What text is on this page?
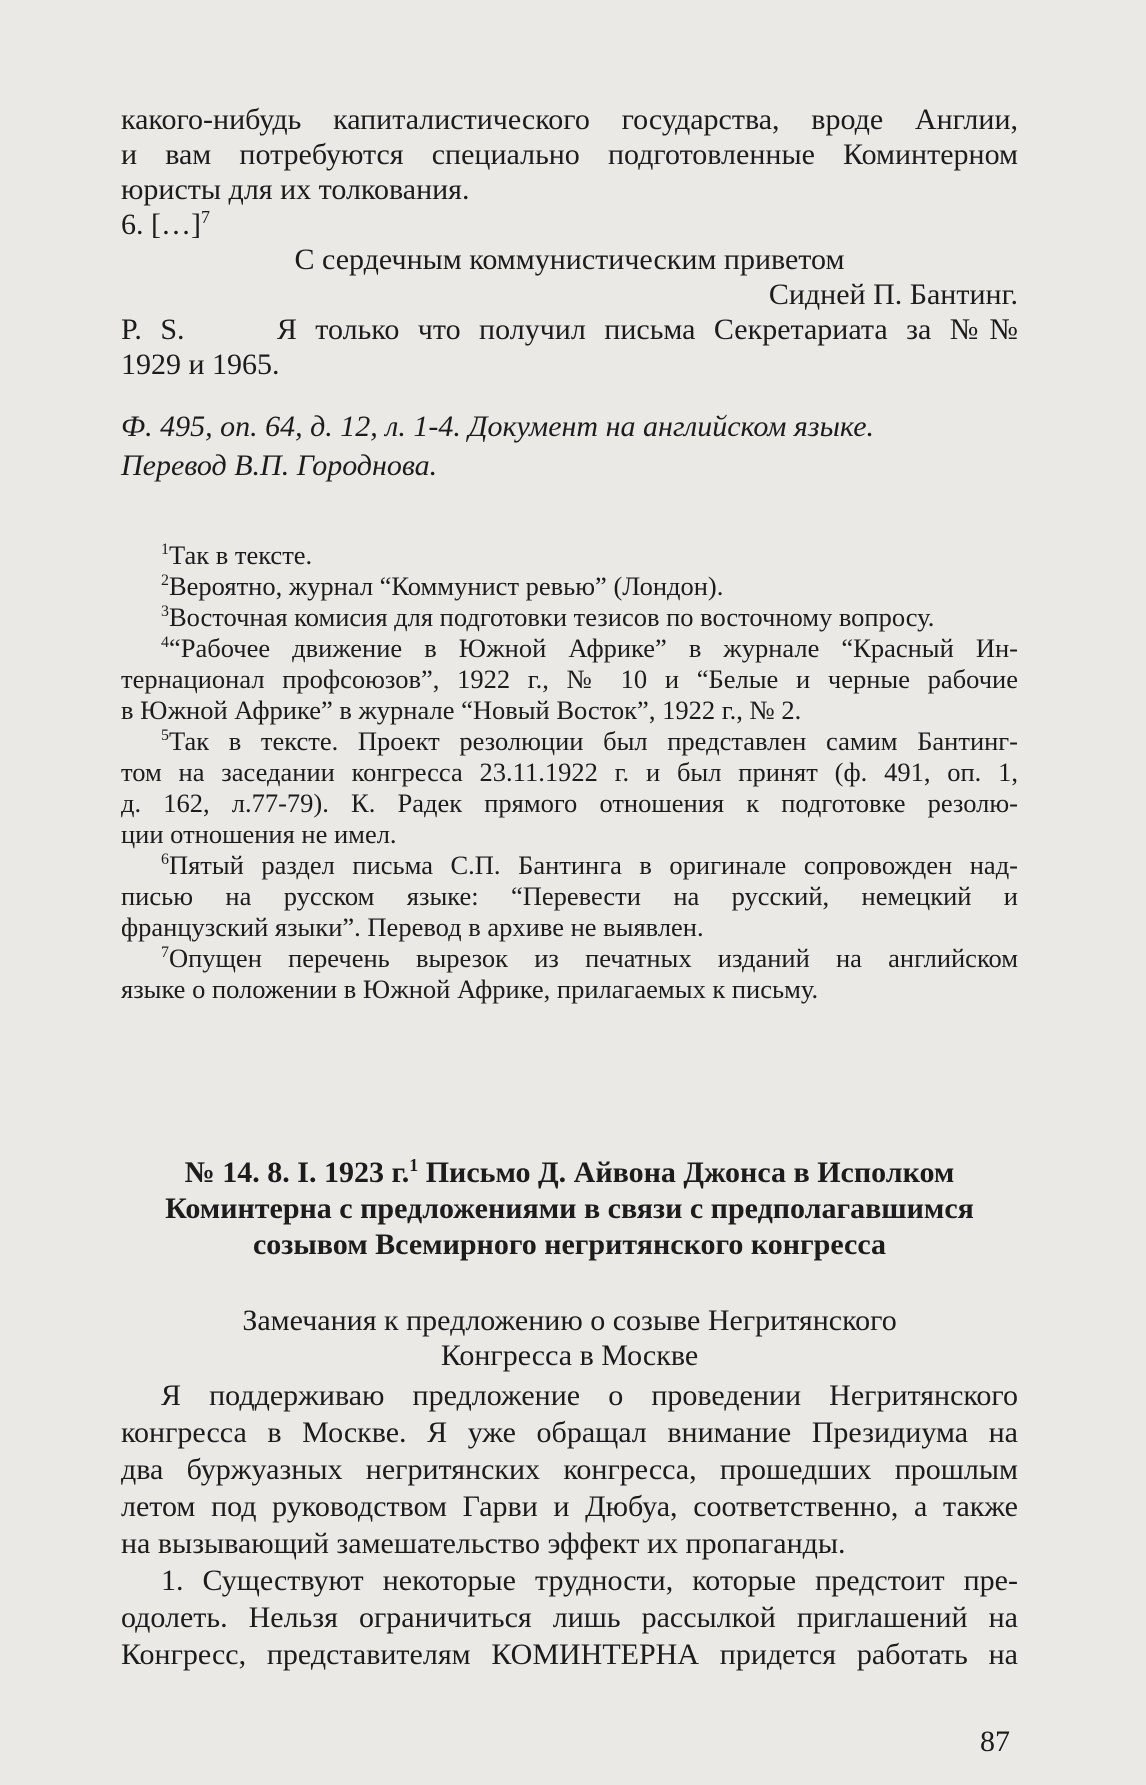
какого-нибудь капиталистического государства, вроде Англии,
и вам потребуются специально подготовленные Коминтерном
юристы для их толкования.
6. […]$^7$
С сердечным коммунистическим приветом
Сидней П. Бантинг.
P. S.     Я только что получил письма Секретариата за №№
1929 и 1965.
Ф. 495, оп. 64, д. 12, л. 1-4. Документ на английском языке.
Перевод В.П. Городнова.
$^1$Так в тексте.
$^2$Вероятно, журнал “Коммунист ревью” (Лондон).
$^3$Восточная комисия для подготовки тезисов по восточному вопросу.
$^4$“Рабочее движение в Южной Африке” в журнале “Красный Ин-
тернационал профсоюзов”, 1922 г., № 10 и “Белые и черные рабочие
в Южной Африке” в журнале “Новый Восток”, 1922 г., № 2.
$^5$Так в тексте. Проект резолюции был представлен самим Бантинг-
том на заседании конгресса 23.11.1922 г. и был принят (ф. 491, оп. 1,
д. 162, л.77-79). К. Радек прямого отношения к подготовке резолю-
ции отношения не имел.
$^6$Пятый раздел письма С.П. Бантинга в оригинале сопровожден над-
писью на русском языке: “Перевести на русский, немецкий и
французский языки”. Перевод в архиве не выявлен.
$^7$Опущен перечень вырезок из печатных изданий на английском
языке о положении в Южной Африке, прилагаемых к письму.
№ 14. 8. I. 1923 г.$^1$ Письмо Д. Айвона Джонса в Исполком
Коминтерна с предложениями в связи с предполагавшимся
созывом Всемирного негритянского конгресса
Замечания к предложению о созыве Негритянского
Конгресса в Москве
Я поддерживаю предложение о проведении Негритянского
конгресса в Москве. Я уже обращал внимание Президиума на
два буржуазных негритянских конгресса, прошедших прошлым
летом под руководством Гарви и Дюбуа, соответственно, а также
на вызывающий замешательство эффект их пропаганды.
1. Существуют некоторые трудности, которые предстоит пре-
одолеть. Нельзя ограничиться лишь рассылкой приглашений на
Конгресс, представителям КОМИНТЕРНА придется работать на
87
